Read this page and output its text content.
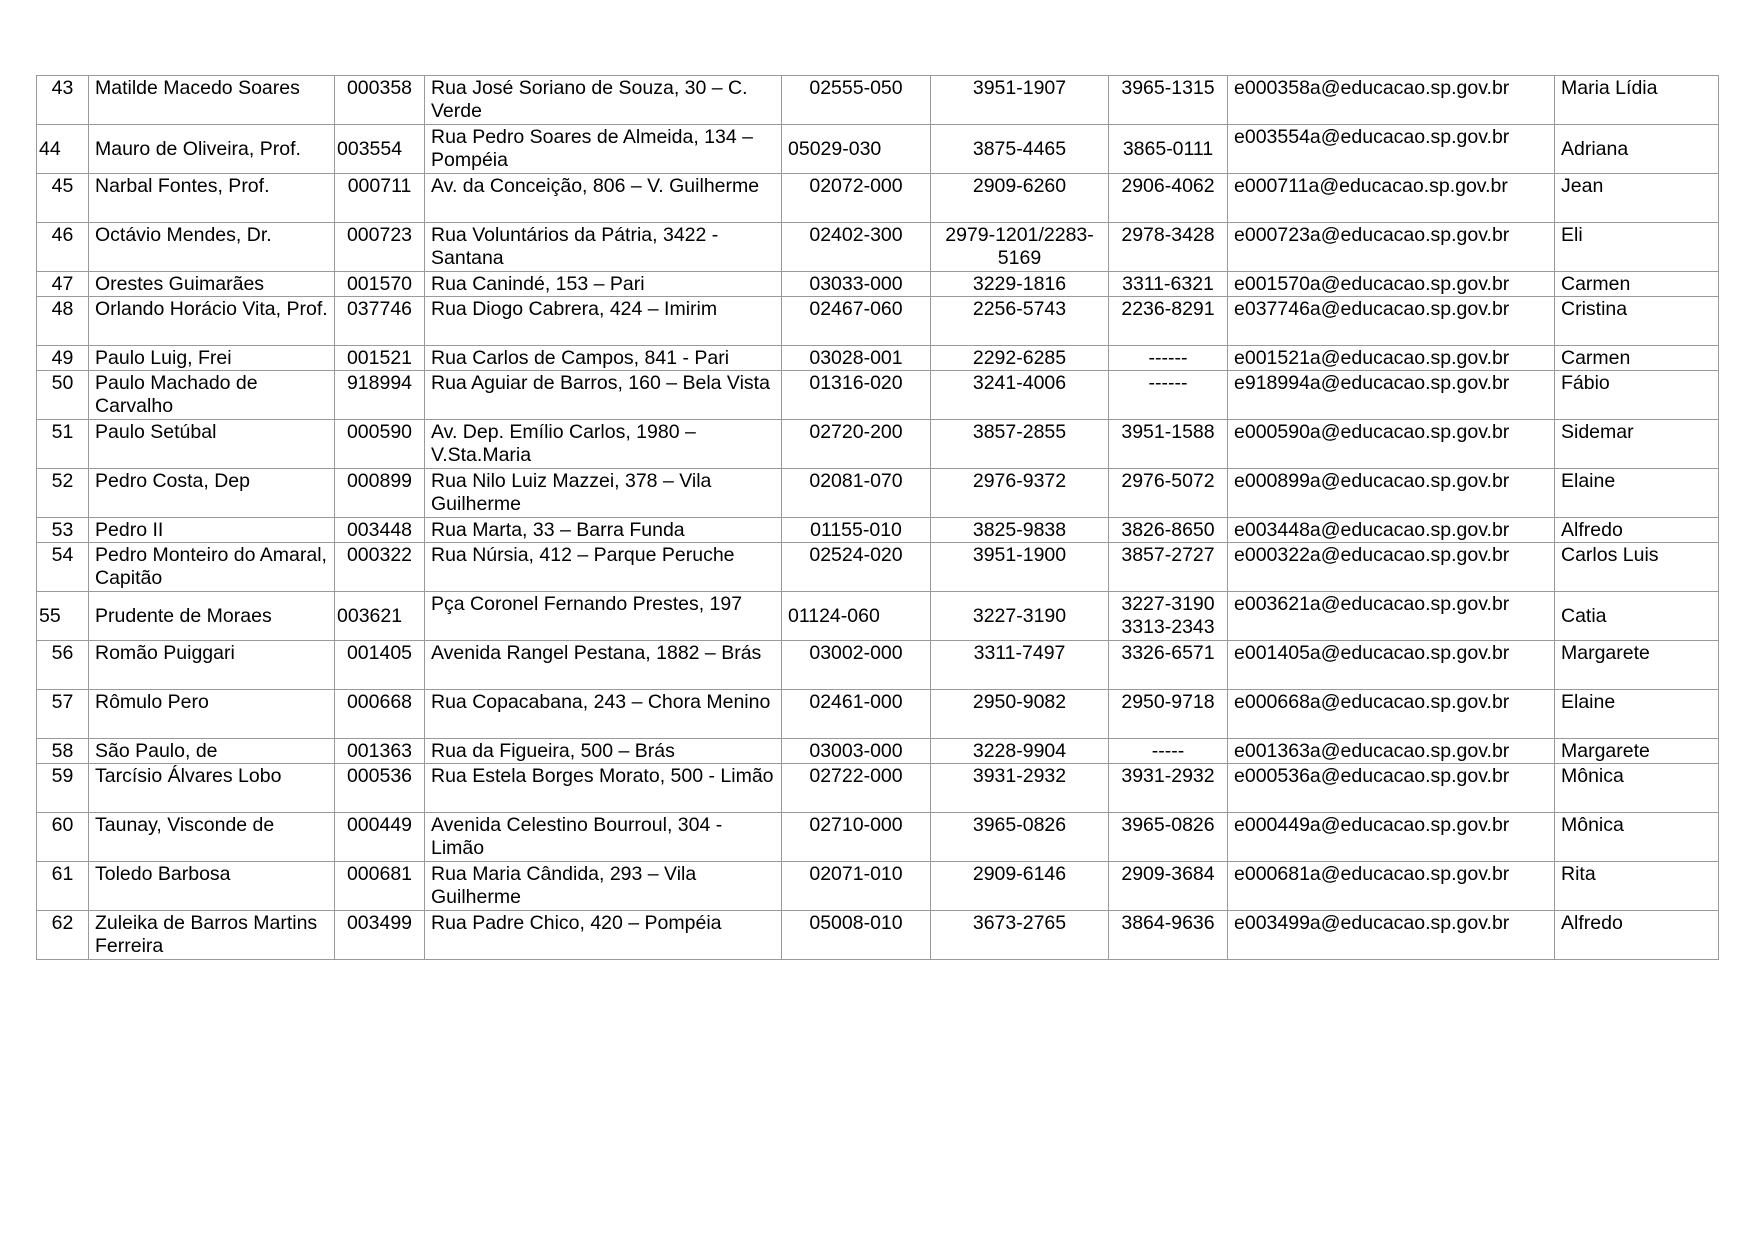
43	Matilde Macedo Soares	000358	Rua José Soriano de Souza, 30 – C. Verde	02555-050	3951-1907	3965-1315	e000358a@educacao.sp.gov.br	Maria Lídia
44	Mauro de Oliveira, Prof.	003554	Rua Pedro Soares de Almeida, 134 – Pompéia	05029-030	3875-4465	3865-0111	e003554a@educacao.sp.gov.br	Adriana
45	Narbal Fontes, Prof.	000711	Av. da Conceição, 806 – V. Guilherme	02072-000	2909-6260	2906-4062	e000711a@educacao.sp.gov.br	Jean
46	Octávio Mendes, Dr.	000723	Rua Voluntários da Pátria, 3422 - Santana	02402-300	2979-1201/2283-5169	2978-3428	e000723a@educacao.sp.gov.br	Eli
47	Orestes Guimarães	001570	Rua Canindé, 153 – Pari	03033-000	3229-1816	3311-6321	e001570a@educacao.sp.gov.br	Carmen
48	Orlando Horácio Vita, Prof.	037746	Rua Diogo Cabrera, 424 – Imirim	02467-060	2256-5743	2236-8291	e037746a@educacao.sp.gov.br	Cristina
49	Paulo Luig, Frei	001521	Rua Carlos de Campos, 841 - Pari	03028-001	2292-6285	------	e001521a@educacao.sp.gov.br	Carmen
50	Paulo Machado de Carvalho	918994	Rua Aguiar de Barros, 160 – Bela Vista	01316-020	3241-4006	------	e918994a@educacao.sp.gov.br	Fábio
51	Paulo Setúbal	000590	Av. Dep. Emílio Carlos, 1980 – V.Sta.Maria	02720-200	3857-2855	3951-1588	e000590a@educacao.sp.gov.br	Sidemar
52	Pedro Costa, Dep	000899	Rua Nilo Luiz Mazzei, 378 – Vila Guilherme	02081-070	2976-9372	2976-5072	e000899a@educacao.sp.gov.br	Elaine
53	Pedro II	003448	Rua Marta, 33 – Barra Funda	01155-010	3825-9838	3826-8650	e003448a@educacao.sp.gov.br	Alfredo
54	Pedro Monteiro do Amaral, Capitão	000322	Rua Núrsia, 412 – Parque Peruche	02524-020	3951-1900	3857-2727	e000322a@educacao.sp.gov.br	Carlos Luis
55	Prudente de Moraes	003621	Pça Coronel Fernando Prestes, 197	01124-060	3227-3190	3227-3190 3313-2343	e003621a@educacao.sp.gov.br	Catia
56	Romão Puiggari	001405	Avenida Rangel Pestana, 1882 – Brás	03002-000	3311-7497	3326-6571	e001405a@educacao.sp.gov.br	Margarete
57	Rômulo Pero	000668	Rua Copacabana, 243 – Chora Menino	02461-000	2950-9082	2950-9718	e000668a@educacao.sp.gov.br	Elaine
58	São Paulo, de	001363	Rua da Figueira, 500 – Brás	03003-000	3228-9904	-----	e001363a@educacao.sp.gov.br	Margarete
59	Tarcísio Álvares Lobo	000536	Rua Estela Borges Morato, 500 - Limão	02722-000	3931-2932	3931-2932	e000536a@educacao.sp.gov.br	Mônica
60	Taunay, Visconde de	000449	Avenida Celestino Bourroul, 304 - Limão	02710-000	3965-0826	3965-0826	e000449a@educacao.sp.gov.br	Mônica
61	Toledo Barbosa	000681	Rua Maria Cândida, 293 – Vila Guilherme	02071-010	2909-6146	2909-3684	e000681a@educacao.sp.gov.br	Rita
62	Zuleika de Barros Martins Ferreira	003499	Rua Padre Chico, 420 – Pompéia	05008-010	3673-2765	3864-9636	e003499a@educacao.sp.gov.br	Alfredo
